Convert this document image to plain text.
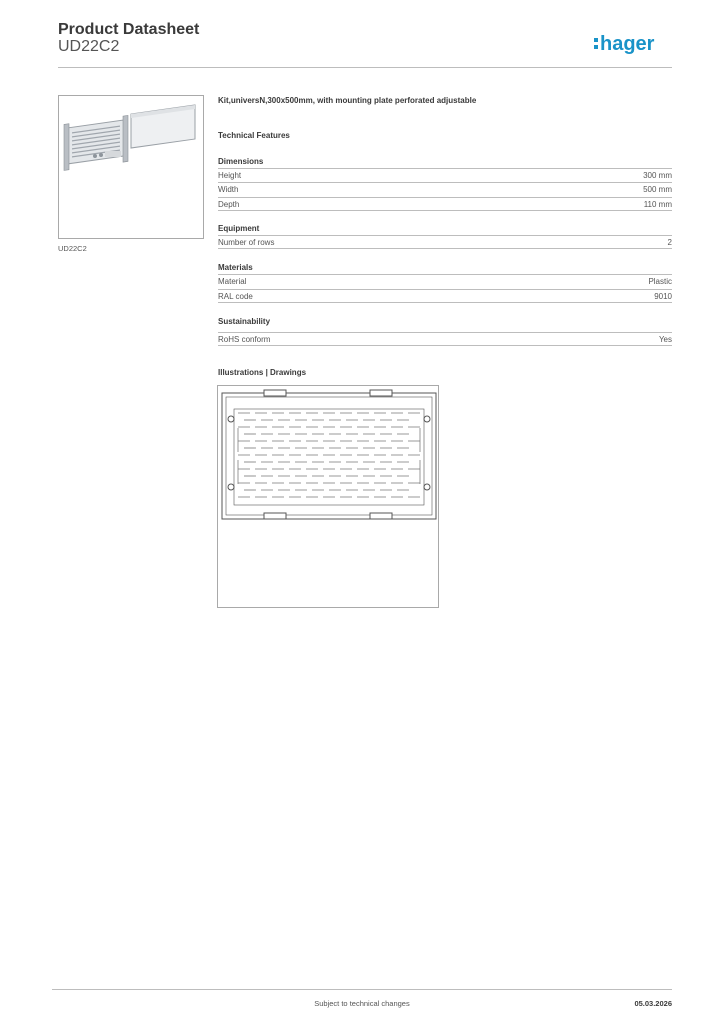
Product Datasheet
UD22C2	hager
UD22C2
Kit,universN,300x500mm, with mounting plate perforated adjustable
Technical Features
Dimensions
Height	300 mm
Width	500 mm
Depth	110 mm
Equipment
Number of rows	2
Materials
Material	Plastic
RAL code	9010
Sustainability
RoHS conform	Yes
Illustrations | Drawings
Subject to technical changes	05.03.2026
